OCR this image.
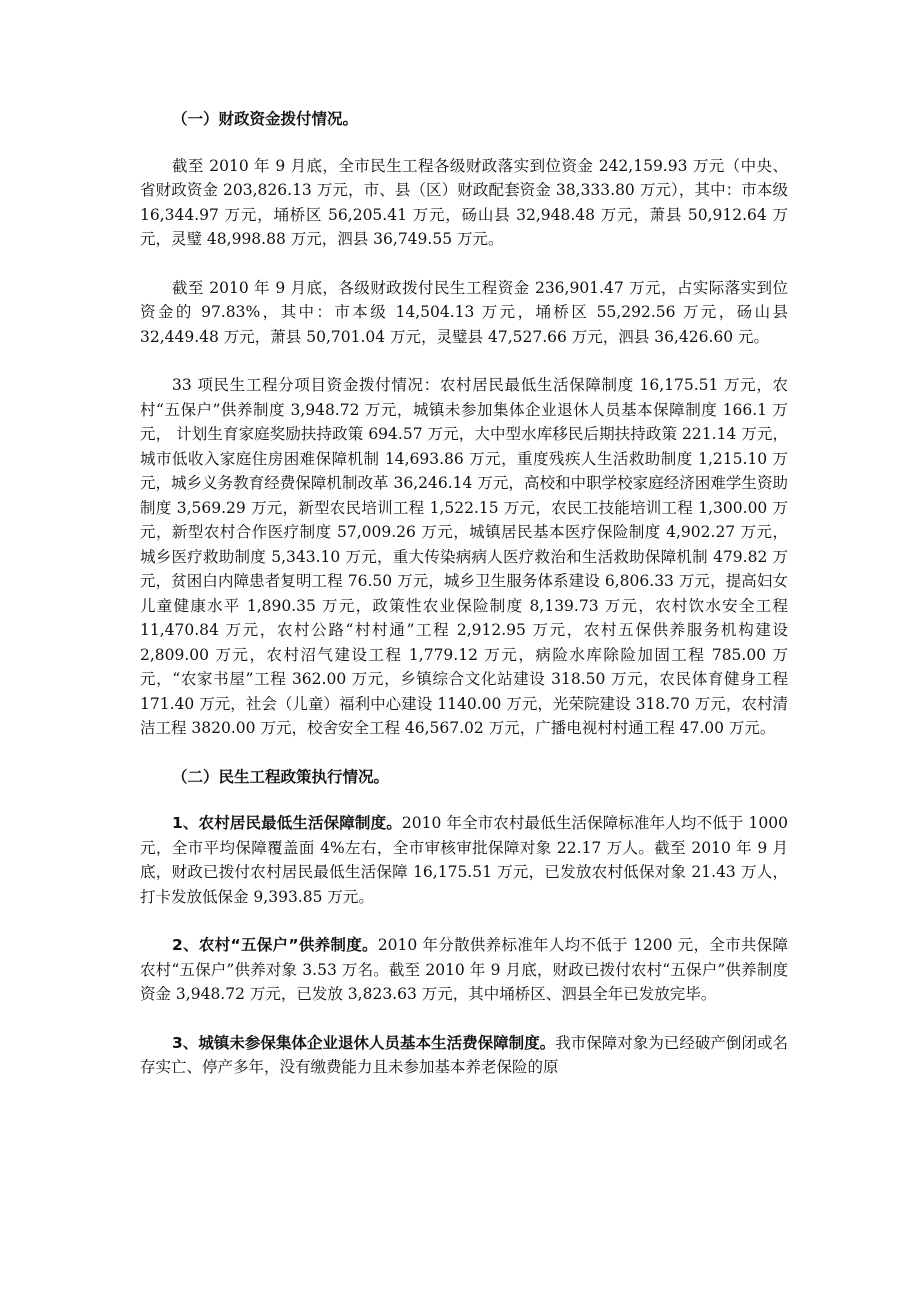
（一）财政资金拨付情况。

截至 2010 年 9 月底，全市民生工程各级财政落实到位资金 242,159.93 万元（中央、省财政资金 203,826.13 万元，市、县（区）财政配套资金 38,333.80 万元），其中：市本级 16,344.97 万元，埇桥区 56,205.41 万元，砀山县 32,948.48 万元，萧县 50,912.64 万元，灵璧 48,998.88 万元，泗县 36,749.55 万元。

截至 2010 年 9 月底，各级财政拨付民生工程资金 236,901.47 万元，占实际落实到位资金的 97.83%，其中：市本级 14,504.13 万元，埇桥区 55,292.56 万元，砀山县 32,449.48 万元，萧县 50,701.04 万元，灵璧县 47,527.66 万元，泗县 36,426.60 元。

33 项民生工程分项目资金拨付情况：农村居民最低生活保障制度 16,175.51 万元，农村“五保户”供养制度 3,948.72 万元，城镇未参加集体企业退休人员基本保障制度 166.1 万元， 计划生育家庭奖励扶持政策 694.57 万元，大中型水库移民后期扶持政策 221.14 万元，城市低收入家庭住房困难保障机制 14,693.86 万元，重度残疾人生活救助制度 1,215.10 万元，城乡义务教育经费保障机制改革 36,246.14 万元，高校和中职学校家庭经济困难学生资助制度 3,569.29 万元，新型农民培训工程 1,522.15 万元，农民工技能培训工程 1,300.00 万元，新型农村合作医疗制度 57,009.26 万元，城镇居民基本医疗保险制度 4,902.27 万元，城乡医疗救助制度 5,343.10 万元，重大传染病病人医疗救治和生活救助保障机制 479.82 万元，贫困白内障患者复明工程 76.50 万元，城乡卫生服务体系建设 6,806.33 万元，提高妇女儿童健康水平 1,890.35 万元，政策性农业保险制度 8,139.73 万元，农村饮水安全工程 11,470.84 万元，农村公路“村村通”工程 2,912.95 万元，农村五保供养服务机构建设 2,809.00 万元，农村沼气建设工程 1,779.12 万元，病险水库除险加固工程 785.00 万元，“农家书屋”工程 362.00 万元，乡镇综合文化站建设 318.50 万元，农民体育健身工程 171.40 万元，社会（儿童）福利中心建设 1140.00 万元，光荣院建设 318.70 万元，农村清洁工程 3820.00 万元，校舍安全工程 46,567.02 万元，广播电视村村通工程 47.00 万元。

（二）民生工程政策执行情况。

1、农村居民最低生活保障制度。2010 年全市农村最低生活保障标准年人均不低于 1000 元，全市平均保障覆盖面 4%左右，全市审核审批保障对象 22.17 万人。截至 2010 年 9 月底，财政已拨付农村居民最低生活保障 16,175.51 万元，已发放农村低保对象 21.43 万人，打卡发放低保金 9,393.85 万元。

2、农村“五保户”供养制度。2010 年分散供养标准年人均不低于 1200 元，全市共保障农村“五保户”供养对象 3.53 万名。截至 2010 年 9 月底，财政已拨付农村“五保户”供养制度资金 3,948.72 万元，已发放 3,823.63 万元，其中埇桥区、泗县全年已发放完毕。

3、城镇未参保集体企业退休人员基本生活费保障制度。我市保障对象为已经破产倒闭或名存实亡、停产多年，没有缴费能力且未参加基本养老保险的原
